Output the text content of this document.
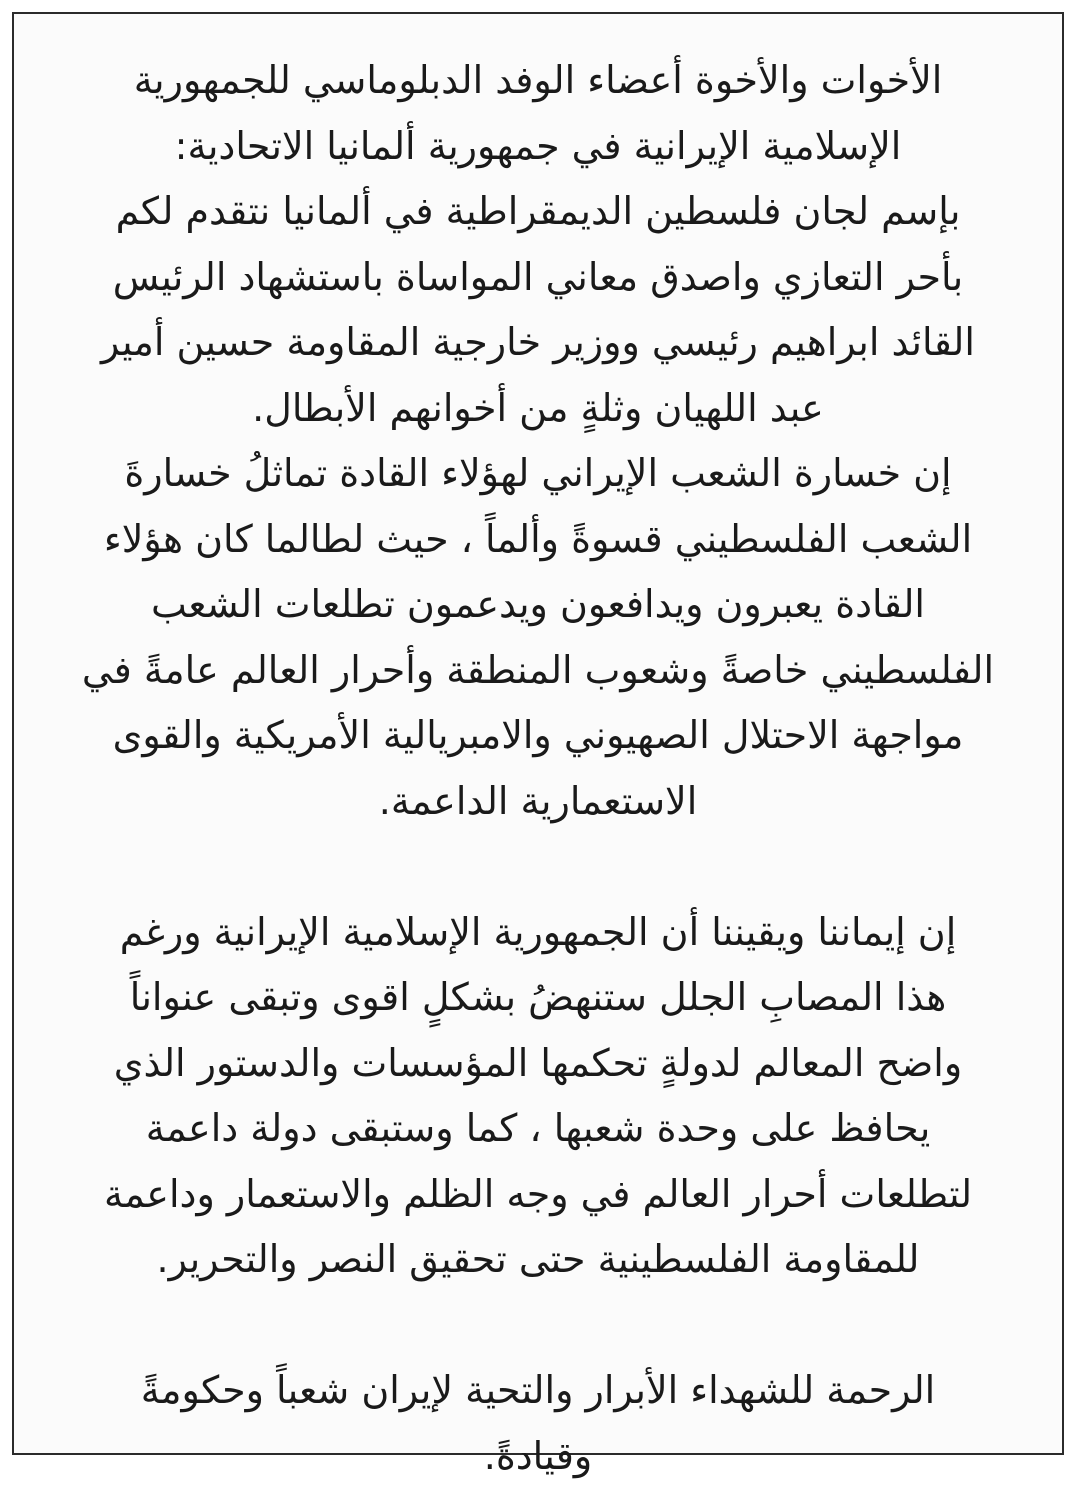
الأخوات والأخوة أعضاء الوفد الدبلوماسي للجمهورية
الإسلامية الإيرانية في جمهورية ألمانيا الاتحادية:
بإسم لجان فلسطين الديمقراطية في ألمانيا نتقدم لكم
بأحر التعازي واصدق معاني المواساة باستشهاد الرئيس
القائد ابراهيم رئيسي ووزير خارجية المقاومة حسين أمير
عبد اللهيان وثلةٍ من أخوانهم الأبطال.
إن خسارة الشعب الإيراني لهؤلاء القادة تماثلُ خسارةَ
الشعب الفلسطيني قسوةً وألماً ، حيث لطالما كان هؤلاء
القادة يعبرون ويدافعون ويدعمون تطلعات الشعب
الفلسطيني خاصةً وشعوب المنطقة وأحرار العالم عامةً في
مواجهة الاحتلال الصهيوني والامبريالية الأمريكية والقوى
الاستعمارية الداعمة.
إن إيماننا ويقيننا أن الجمهورية الإسلامية الإيرانية ورغم
هذا المصابِ الجلل ستنهضُ بشكلٍ اقوى وتبقى عنواناً
واضح المعالم لدولةٍ تحكمها المؤسسات والدستور الذي
يحافظ على وحدة شعبها ، كما وستبقى دولة داعمة
لتطلعات أحرار العالم في وجه الظلم والاستعمار وداعمة
للمقاومة الفلسطينية حتى تحقيق النصر والتحرير.
الرحمة للشهداء الأبرار والتحية لإيران شعباً وحكومةً
وقيادةً.
